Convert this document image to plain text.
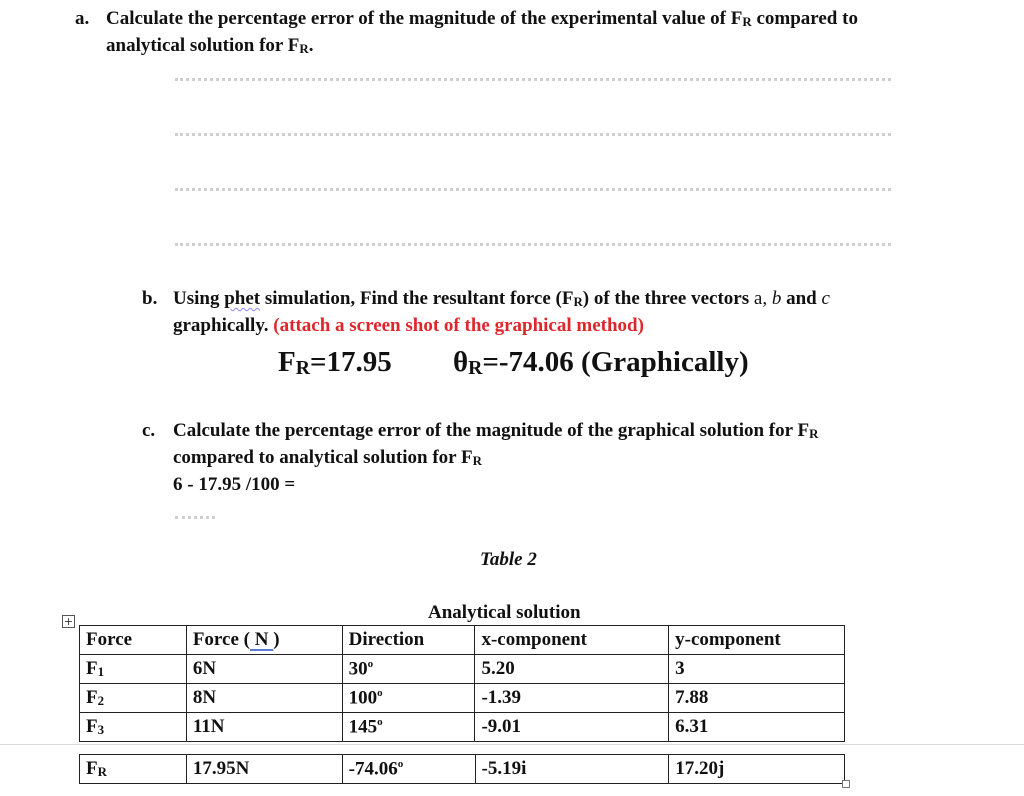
a. Calculate the percentage error of the magnitude of the experimental value of $F_R$ compared to
analytical solution for $F_R$.
b. Using phet simulation, Find the resultant force $(F_R)$ of the three vectors a, b and c
graphically. (attach a screen shot of the graphical method)
$F_R=17.95$ $\theta_R=-74.06$ (Graphically)
c. Calculate the percentage error of the magnitude of the graphical solution for $F_R$
compared to analytical solution for $F_R$
6 - 17.95 /100 =
Table 2
Analytical solution
+
Force	Force ( N )	Direction	x-component	y-component
$F_1$	6N	30$^o$	5.20	3
$F_2$	8N	100$^o$	-1.39	7.88
$F_3$	11N	145$^o$	-9.01	6.31
$F_R$	17.95N	-74.06$^o$	-5.19i	17.20j
